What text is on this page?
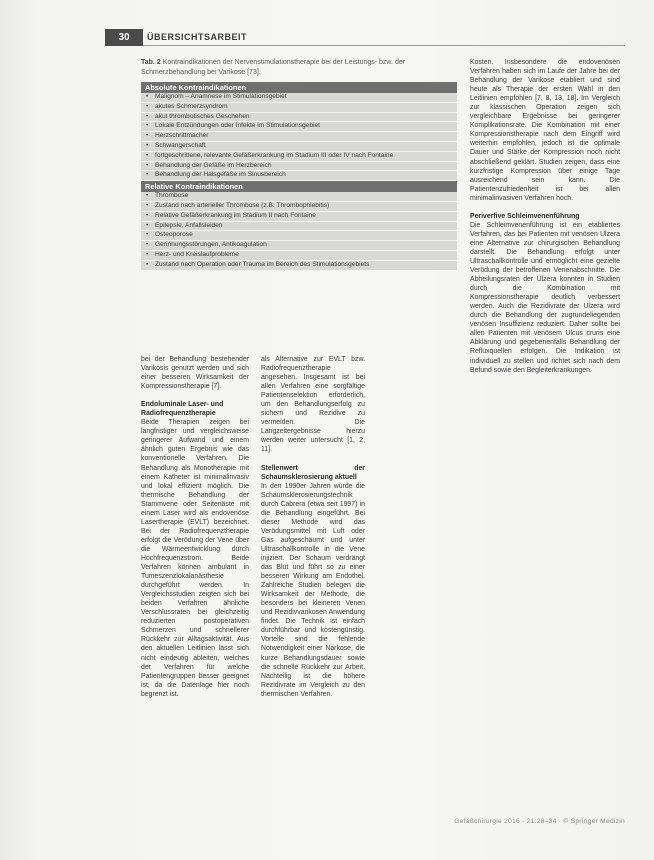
30	ÜBERSICHTSARBEIT
Tab. 2 Kontraindikationen der Nervenstimulationstherapie bei der Leistungs- bzw. der Schmerzbehandlung bei Varikose [73].
Absolute Kontraindikationen
• Malignom – Anamnese im Stimulationsgebiet
• akutes Schmerzsyndrom
• akut thrombotisches Geschehen
• Lokale Entzündungen oder Infekte im Stimulationsgebiet
• Herzschrittmacher
• Schwangerschaft
• fortgeschrittene, relevante Gefäßerkrankung im Stadium III oder IV nach Fontaine
• Behandlung der Gefäße im Herzbereich
• Behandlung der Halsgefäße im Sinusbereich
Relative Kontraindikationen
• Thrombose
• Zustand nach arterieller Thrombose (z.B. Thrombophlebitis)
• Relative Gefäßerkrankung im Stadium II nach Fontaine
• Epilepsie, Anfallsleiden
• Osteoporose
• Gerinnungsstörungen, Antikoagulation
• Herz- und Kreislaufprobleme
• Zustand nach Operation oder Trauma im Bereich des Stimulationsgebiets

bei der Behandlung bestehender Varikosis genutzt werden und sich einer besseren Wirksamkeit der Kompressionstherapie [7].

Endoluminale Laser- und
Radiofrequenztherapie

Beide Therapien zeigen bei langfristiger und vergleichsweise geringerer Aufwand und einem ähnlich guten Ergebnis wie das konventionelle Verfahren. Die Behandlung als Monotherapie mit einem Katheter ist minimalinvasiv und lokal effizient möglich. Die thermische Behandlung der Stammvene oder Seitenäste mit einem Laser wird als endovenöse Lasertherapie (EVLT) bezeichnet. Bei der Radiofrequenztherapie erfolgt die Verödung der Vene über die Wärmeentwicklung durch Hochfrequenzstrom. Beide Verfahren können ambulant in Tumeszenzlokalanästhesie durchgeführt werden. In Vergleichsstudien zeigten sich bei beiden Verfahren ähnliche Verschlussraten bei gleichzeitig reduzierten postoperativen Schmerzen und schnellerer Rückkehr zur Alltagsaktivität. Aus den aktuellen Leitlinien lässt sich nicht eindeutig ableiten, welches der Verfahren für welche Patientengruppen besser geeignet ist, da die Datenlage hier noch begrenzt ist.

als Alternative zur EVLT bzw. Radiofrequenztherapie angesehen. Insgesamt ist bei allen Verfahren eine sorgfältige Patientenselektion erforderlich, um den Behandlungserfolg zu sichern und Rezidive zu vermeiden. Die Langzeitergebnisse hierzu werden weiter untersucht [1, 2, 11].

Stellenwert der Schaumsklerosierung aktuell

In den 1990er Jahren wurde die Schaumsklerosierungstechnik durch Cabrera (etwa seit 1997) in die Behandlung eingeführt. Bei dieser Methode wird das Verödungsmittel mit Luft oder Gas aufgeschäumt und unter Ultraschallkontrolle in die Vene injiziert. Der Schaum verdrängt das Blut und führt so zu einer besseren Wirkung am Endothel. Zahlreiche Studien belegen die Wirksamkeit der Methode, die besonders bei kleineren Venen und Rezidivvarikosen Anwendung findet. Die Technik ist einfach durchführbar und kostengünstig. Vorteile sind die fehlende Notwendigkeit einer Narkose, die kurze Behandlungsdauer sowie die schnelle Rückkehr zur Arbeit. Nachteilig ist die höhere Rezidivrate im Vergleich zu den thermischen Verfahren.

Kosten. Insbesondere die endovenösen Verfahren haben sich im Laufe der Jahre bei der Behandlung der Varikose etabliert und sind heute als Therapie der ersten Wahl in den Leitlinien empfohlen [7, 8, 13, 18]. Im Vergleich zur klassischen Operation zeigen sich vergleichbare Ergebnisse bei geringerer Komplikationsrate. Die Kombination mit einer Kompressionstherapie nach dem Eingriff wird weiterhin empfohlen, jedoch ist die optimale Dauer und Stärke der Kompression noch nicht abschließend geklärt. Studien zeigen, dass eine kurzfristige Kompression über einige Tage ausreichend sein kann. Die Patientenzufriedenheit ist bei allen minimalinvasiven Verfahren hoch.

Periverfive Schleimvenenführung

Die Schleimvenenführung ist ein etabliertes Verfahren, das bei Patienten mit venösen Ulzera eine Alternative zur chirurgischen Behandlung darstellt. Die Behandlung erfolgt unter Ultraschallkontrolle und ermöglicht eine gezielte Verödung der betroffenen Venenabschnitte. Die Abheilungsraten der Ulzera konnten in Studien durch die Kombination mit Kompressionstherapie deutlich verbessert werden. Auch die Rezidivrate der Ulzera wird durch die Behandlung der zugrundeliegenden venösen Insuffizienz reduziert. Daher sollte bei allen Patienten mit venösem Ulcus cruris eine Abklärung und gegebenenfalls Behandlung der Refluxquellen erfolgen. Die Indikation ist individuell zu stellen und richtet sich nach dem Befund sowie den Begleiterkrankungen.

Gefäßchirurgie 2016 · 21:28–34 · © Springer Medizin
